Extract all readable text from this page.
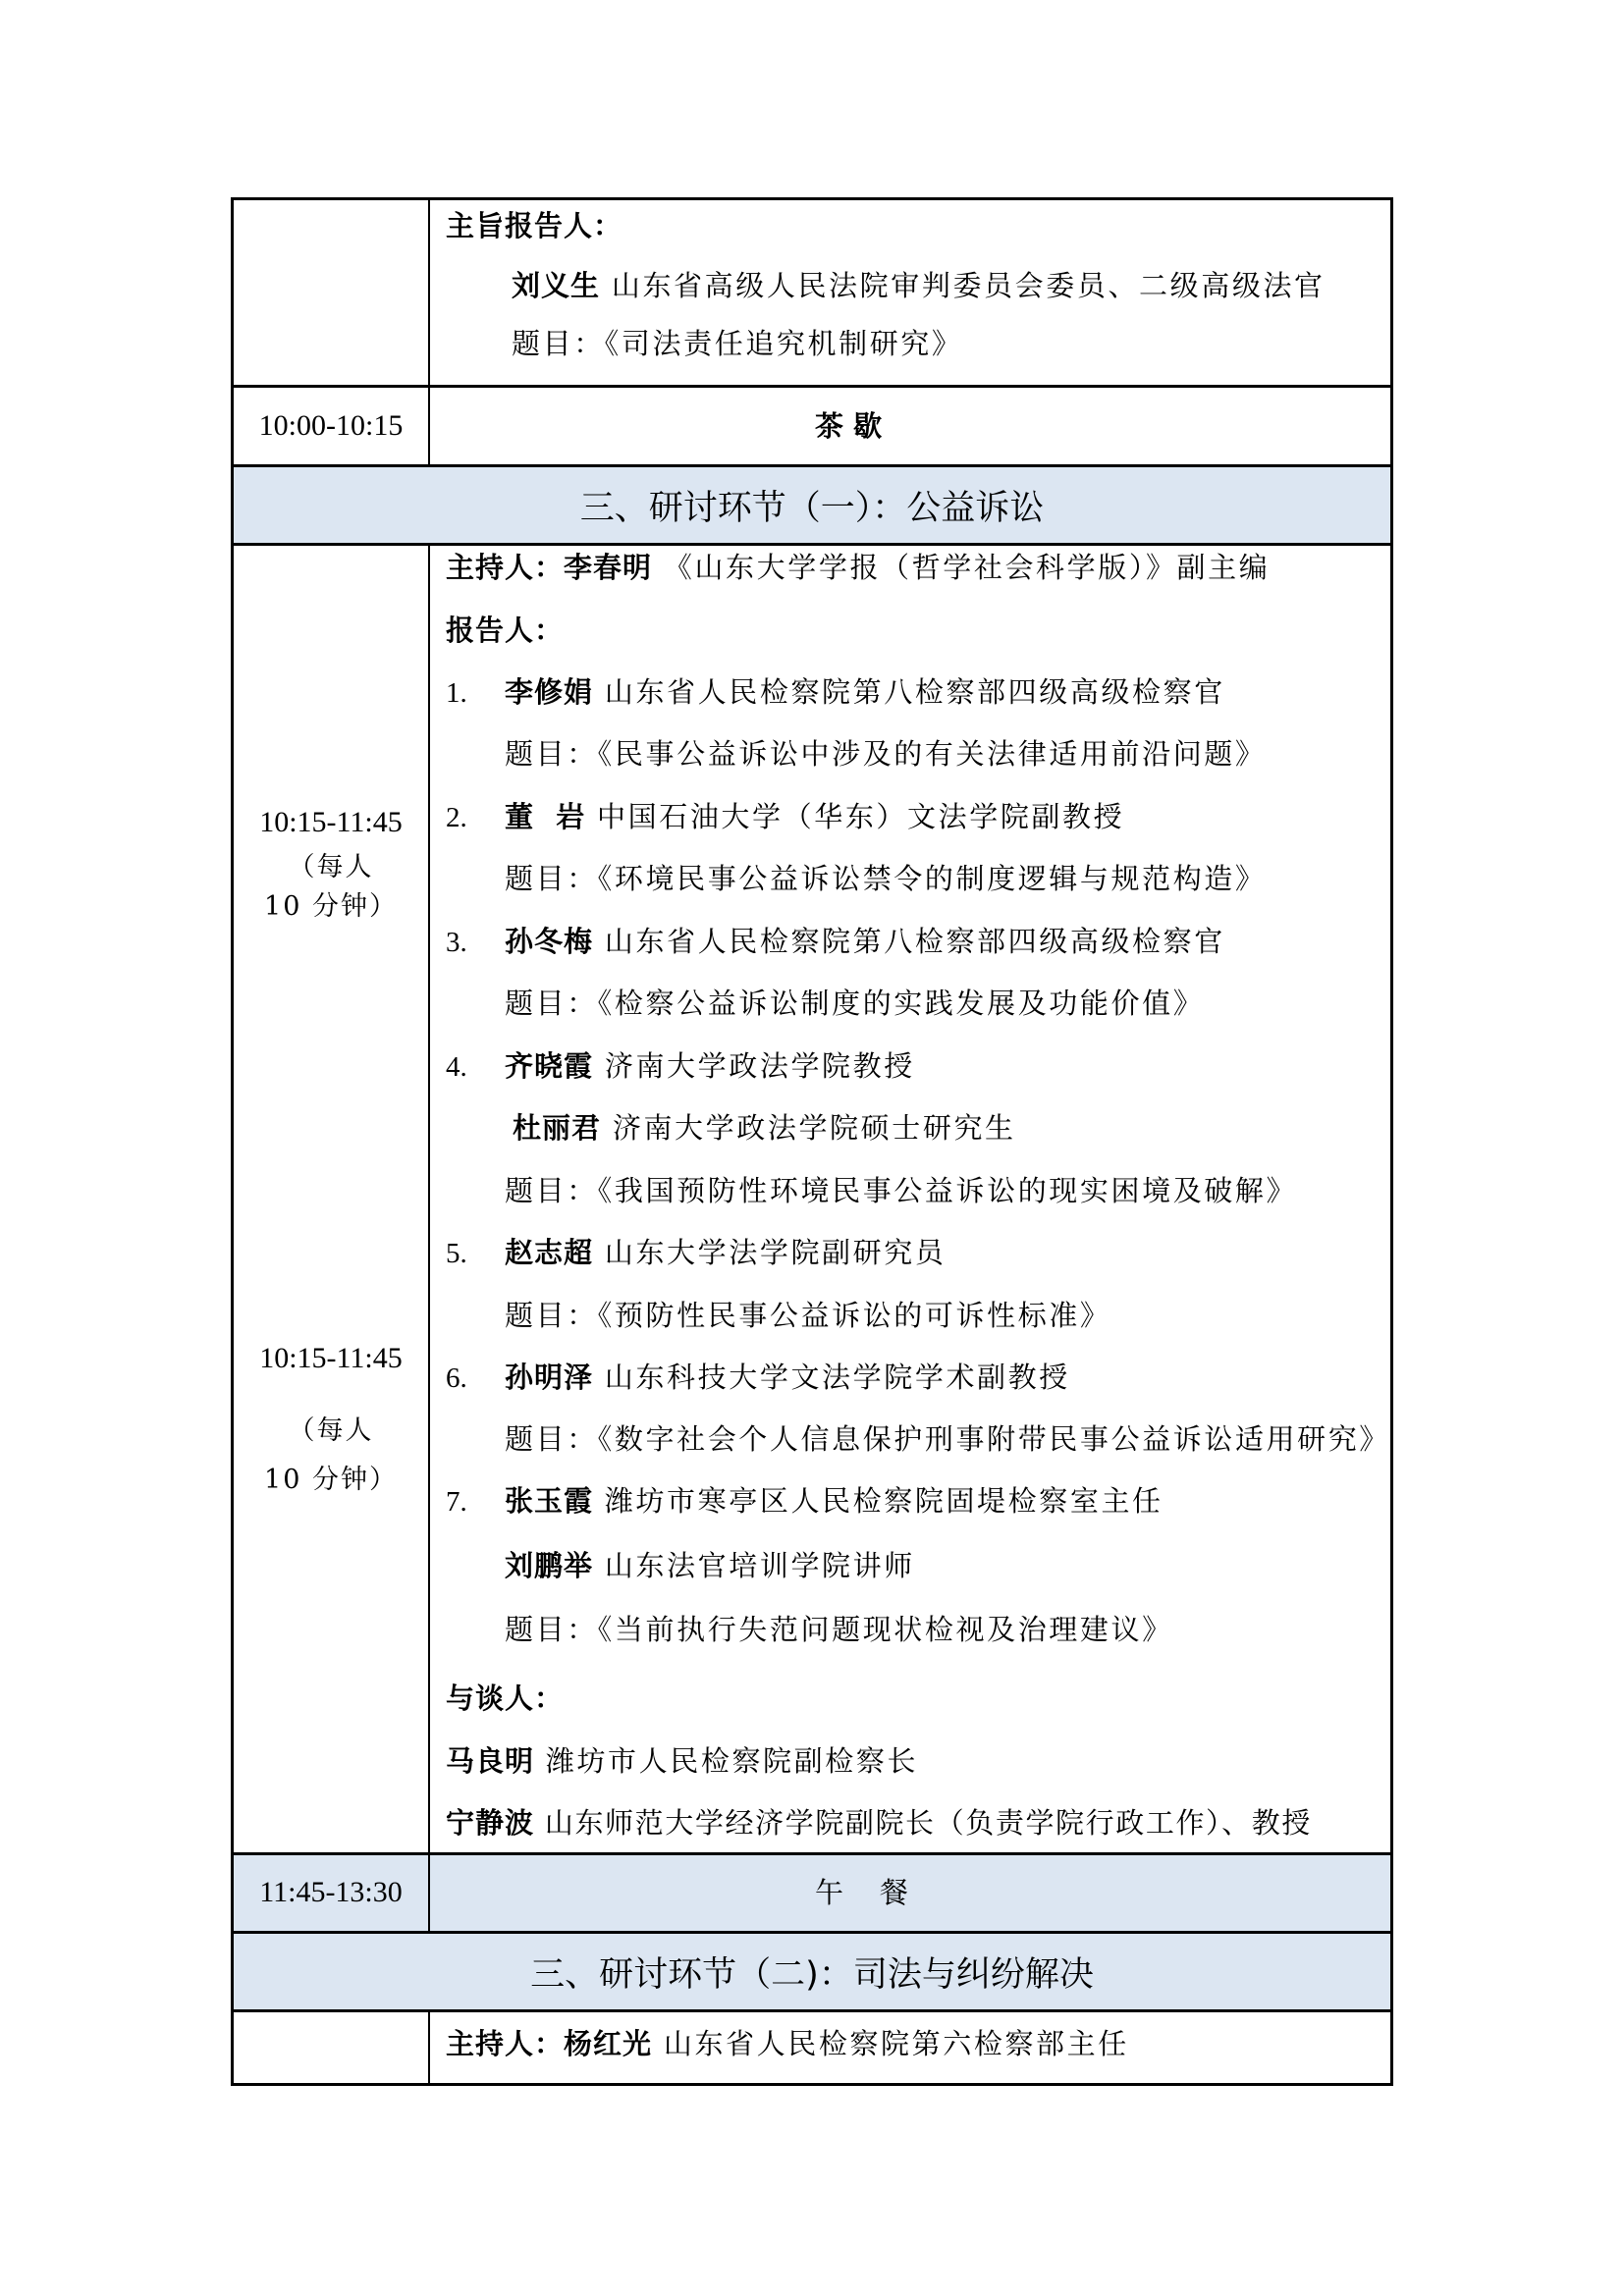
主旨报告人：
刘义生 山东省高级人民法院审判委员会委员、二级高级法官
题目：《司法责任追究机制研究》
10:00-10:15	茶 歇
三、研讨环节（一）：公益诉讼
10:15-11:45
（每人
10 分钟）
10:15-11:45
（每人
10 分钟）
主持人：李春明 《山东大学学报（哲学社会科学版）》副主编
报告人：
1. 李修娟 山东省人民检察院第八检察部四级高级检察官
题目：《民事公益诉讼中涉及的有关法律适用前沿问题》
2. 董  岩 中国石油大学（华东）文法学院副教授
题目：《环境民事公益诉讼禁令的制度逻辑与规范构造》
3. 孙冬梅 山东省人民检察院第八检察部四级高级检察官
题目：《检察公益诉讼制度的实践发展及功能价值》
4. 齐晓霞 济南大学政法学院教授
杜丽君 济南大学政法学院硕士研究生
题目：《我国预防性环境民事公益诉讼的现实困境及破解》
5. 赵志超 山东大学法学院副研究员
题目：《预防性民事公益诉讼的可诉性标准》
6. 孙明泽 山东科技大学文法学院学术副教授
题目：《数字社会个人信息保护刑事附带民事公益诉讼适用研究》
7. 张玉霞 潍坊市寒亭区人民检察院固堤检察室主任
刘鹏举 山东法官培训学院讲师
题目：《当前执行失范问题现状检视及治理建议》
与谈人：
马良明 潍坊市人民检察院副检察长
宁静波 山东师范大学经济学院副院长（负责学院行政工作）、教授
11:45-13:30	午    餐
三、研讨环节（二)：司法与纠纷解决
主持人：杨红光 山东省人民检察院第六检察部主任
